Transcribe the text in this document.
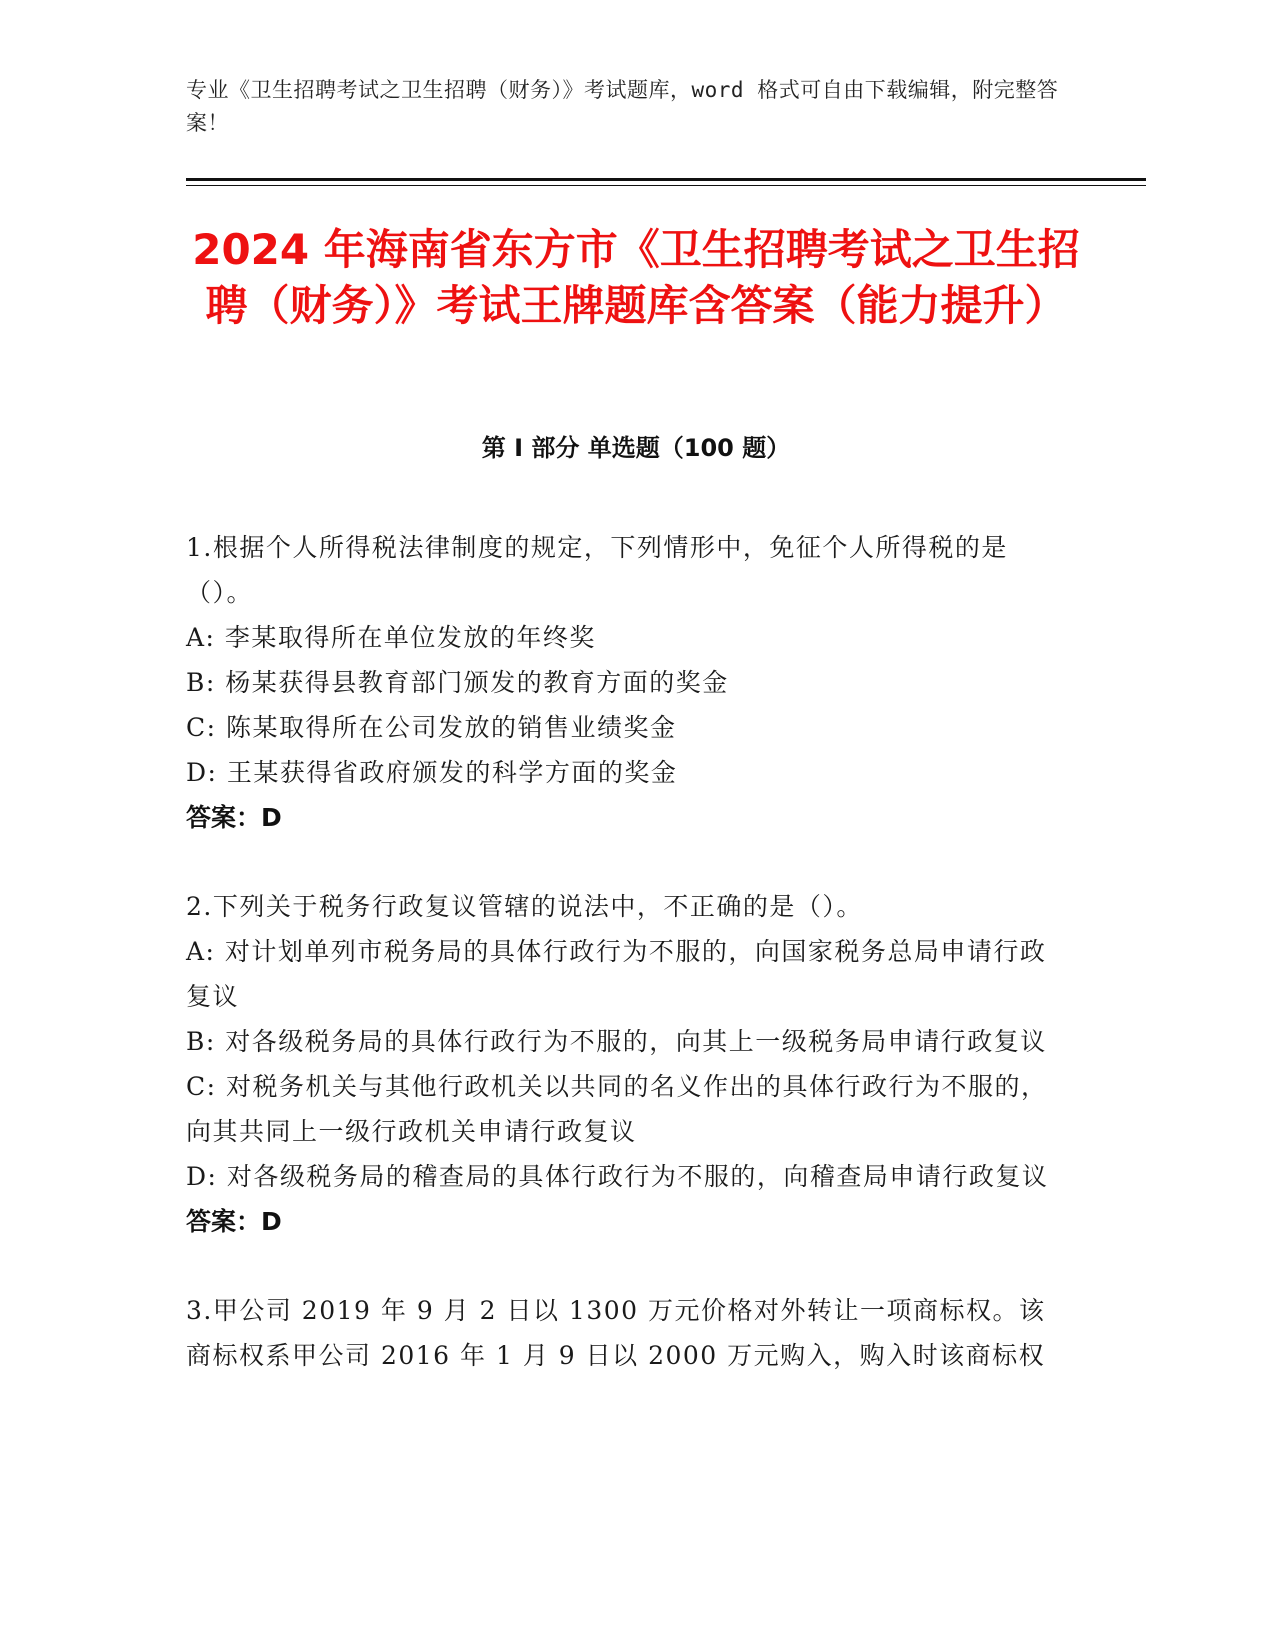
专业《卫生招聘考试之卫生招聘（财务）》考试题库，word 格式可自由下载编辑，附完整答案！
2024 年海南省东方市《卫生招聘考试之卫生招聘（财务）》考试王牌题库含答案（能力提升）
第 I 部分 单选题（100 题）

1.根据个人所得税法律制度的规定，下列情形中，免征个人所得税的是（）。

A: 李某取得所在单位发放的年终奖

B: 杨某获得县教育部门颁发的教育方面的奖金

C: 陈某取得所在公司发放的销售业绩奖金

D: 王某获得省政府颁发的科学方面的奖金

答案：D

2.下列关于税务行政复议管辖的说法中，不正确的是（）。

A: 对计划单列市税务局的具体行政行为不服的，向国家税务总局申请行政复议

B: 对各级税务局的具体行政行为不服的，向其上一级税务局申请行政复议

C: 对税务机关与其他行政机关以共同的名义作出的具体行政行为不服的，向其共同上一级行政机关申请行政复议

D: 对各级税务局的稽查局的具体行政行为不服的，向稽查局申请行政复议

答案：D

3.甲公司 2019 年 9 月 2 日以 1300 万元价格对外转让一项商标权。该商标权系甲公司 2016 年 1 月 9 日以 2000 万元购入，购入时该商标权
